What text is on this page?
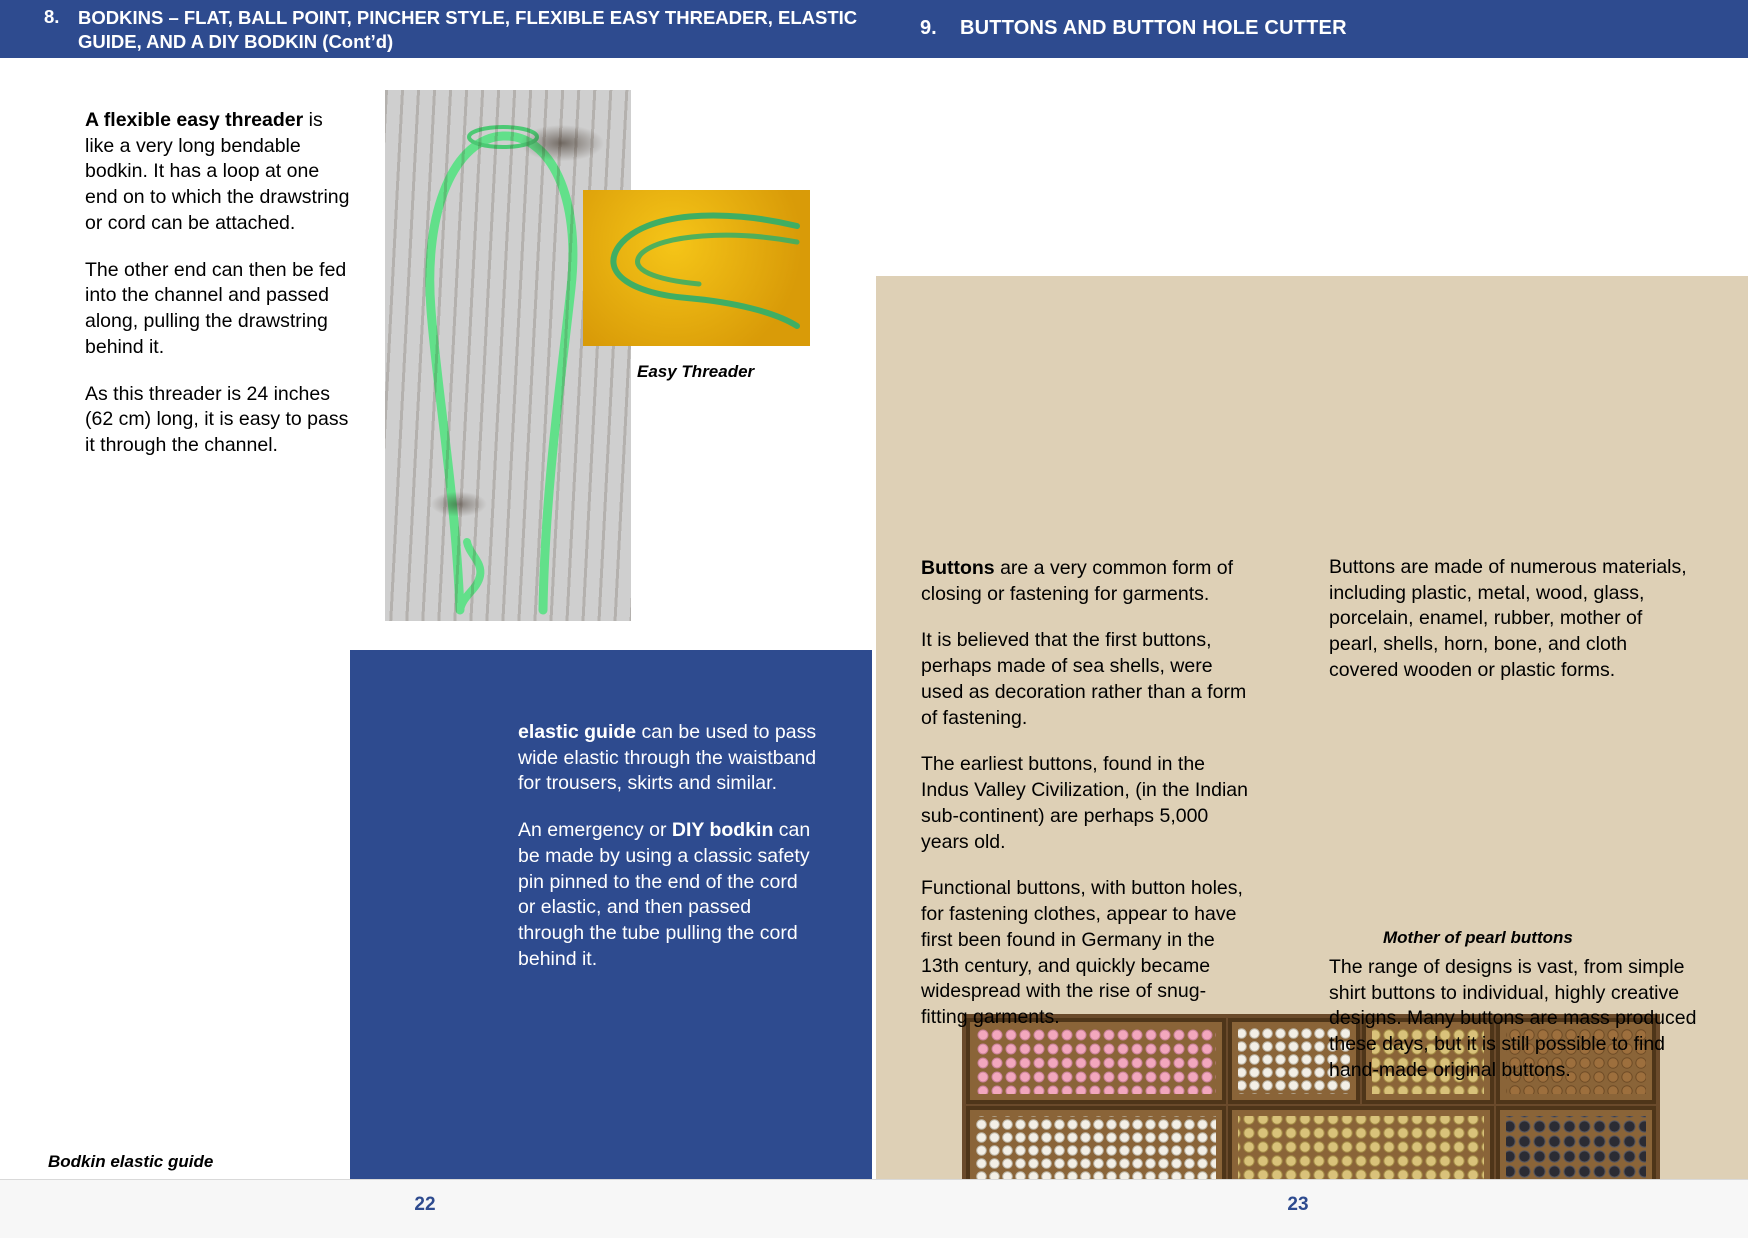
8. BODKINS – FLAT, BALL POINT, PINCHER STYLE, FLEXIBLE EASY THREADER, ELASTIC GUIDE, AND A DIY BODKIN (Cont’d)
9. BUTTONS AND BUTTON HOLE CUTTER

A flexible easy threader is like a very long bendable bodkin. It has a loop at one end on to which the drawstring or cord can be attached.

The other end can then be fed into the channel and passed along, pulling the drawstring behind it.

As this threader is 24 inches (62 cm) long, it is easy to pass it through the channel.

Easy Threader

elastic guide can be used to pass wide elastic through the waistband for trousers, skirts and similar.

An emergency or DIY bodkin can be made by using a classic safety pin pinned to the end of the cord or elastic, and then passed through the tube pulling the cord behind it.

Bodkin elastic guide

Buttons are a very common form of closing or fastening for garments.

It is believed that the first buttons, perhaps made of sea shells, were used as decoration rather than a form of fastening.

The earliest buttons, found in the Indus Valley Civilization, (in the Indian sub-continent) are perhaps 5,000 years old.

Functional buttons, with button holes, for fastening clothes, appear to have first been found in Germany in the 13th century, and quickly became widespread with the rise of snug-fitting garments.

Buttons are made of numerous materials, including plastic, metal, wood, glass, porcelain, enamel, rubber, mother of pearl, shells, horn, bone, and cloth covered wooden or plastic forms.

Mother of pearl buttons

The range of designs is vast, from simple shirt buttons to individual, highly creative designs. Many buttons are mass produced these days, but it is still possible to find hand-made original buttons.

22	23
